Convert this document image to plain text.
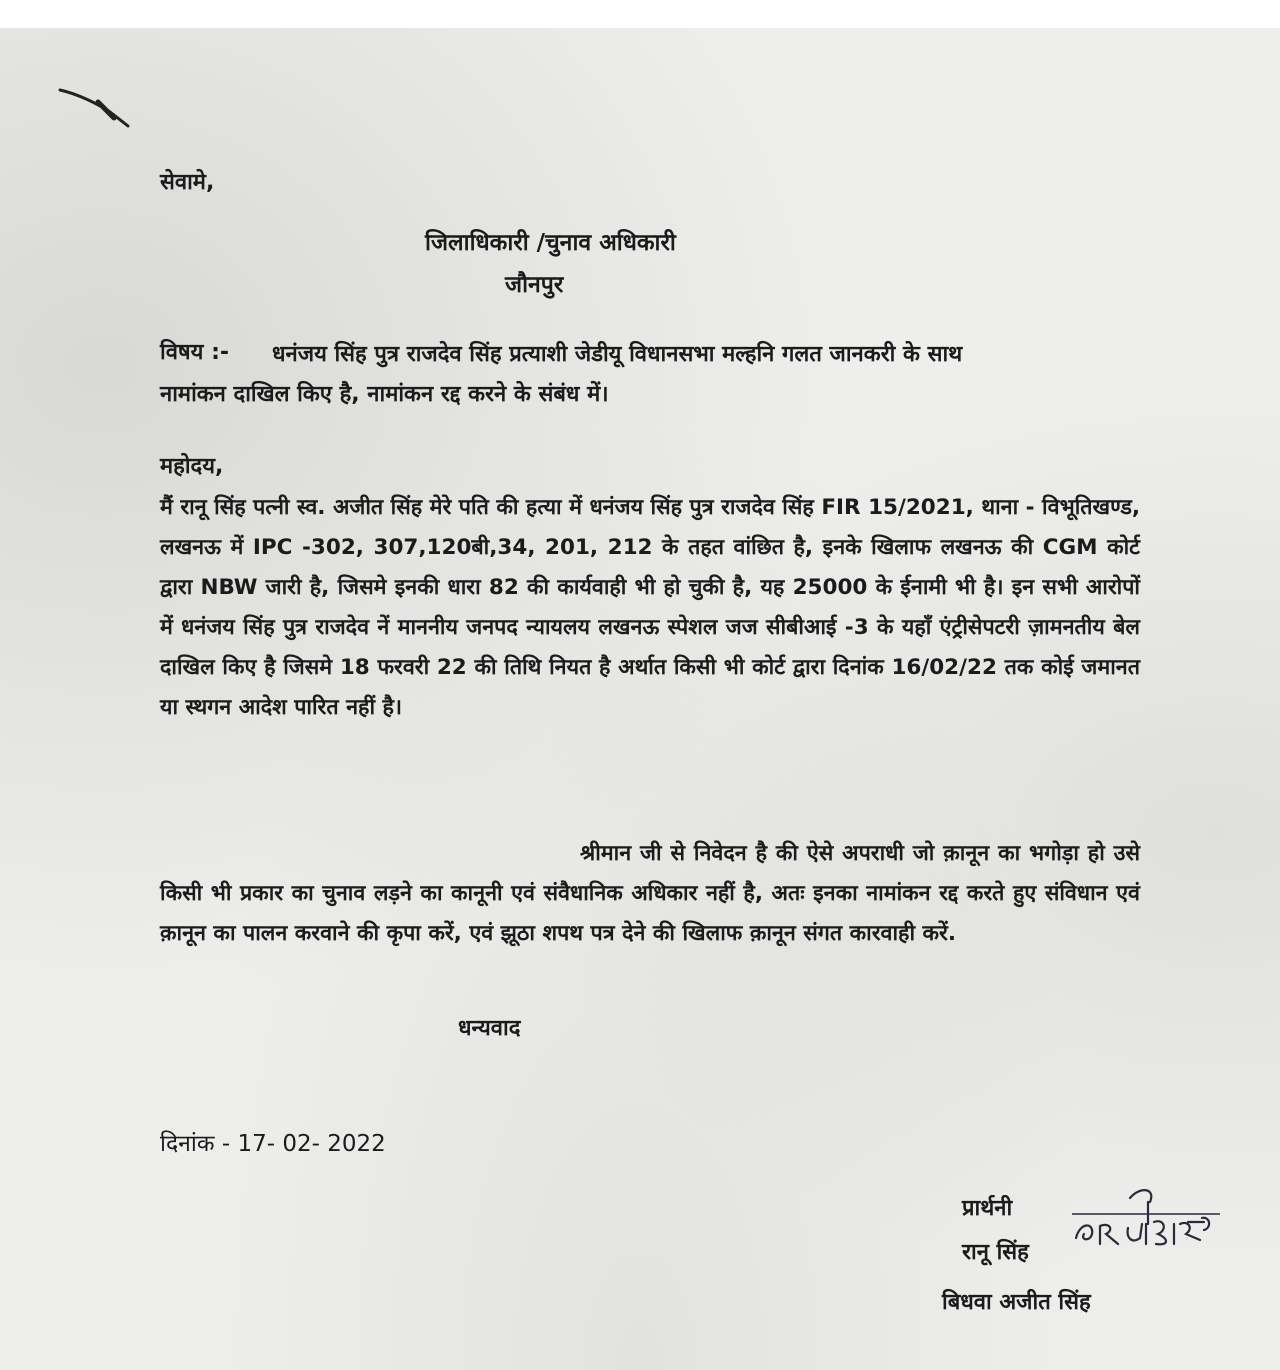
सेवामे,
जिलाधिकारी /चुनाव अधिकारी
जौनपुर
विषय :- धनंजय सिंह पुत्र राजदेव सिंह प्रत्याशी जेडीयू विधानसभा मल्हनि गलत जानकरी के साथ
नामांकन दाखिल किए है, नामांकन रद्द करने के संबंध में।
महोदय,
मैं रानू सिंह पत्नी स्व. अजीत सिंह मेरे पति की हत्या में धनंजय सिंह पुत्र राजदेव सिंह FIR 15/2021, थाना - विभूतिखण्ड, लखनऊ में IPC -302, 307,120बी,34, 201, 212 के तहत वांछित है, इनके खिलाफ लखनऊ की CGM कोर्ट द्वारा NBW जारी है, जिसमे इनकी धारा 82 की कार्यवाही भी हो चुकी है, यह 25000 के ईनामी भी है। इन सभी आरोपों में धनंजय सिंह पुत्र राजदेव नें माननीय जनपद न्यायलय लखनऊ स्पेशल जज सीबीआई -3 के यहाँ एंट्रीसेपटरी ज़ामनतीय बेल दाखिल किए है जिसमे 18 फरवरी 22 की तिथि नियत है अर्थात किसी भी कोर्ट द्वारा दिनांक 16/02/22 तक कोई जमानत या स्थगन आदेश पारित नहीं है।
श्रीमान जी से निवेदन है की ऐसे अपराधी जो क़ानून का भगोड़ा हो उसे किसी भी प्रकार का चुनाव लड़ने का कानूनी एवं संवैधानिक अधिकार नहीं है, अतः इनका नामांकन रद्द करते हुए संविधान एवं क़ानून का पालन करवाने की कृपा करें, एवं झूठा शपथ पत्र देने की खिलाफ क़ानून संगत कारवाही करें.
धन्यवाद
दिनांक - 17- 02- 2022
प्रार्थनी
रानू सिंह
बिधवा अजीत सिंह
